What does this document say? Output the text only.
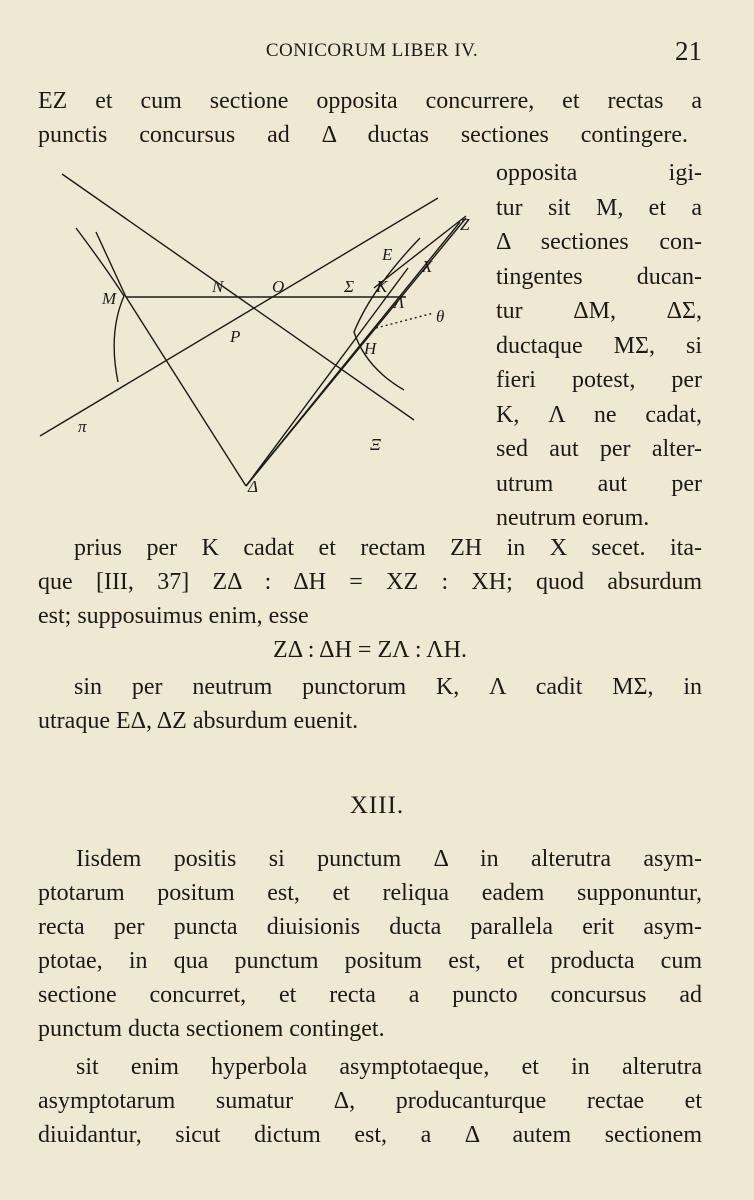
CONICORUM LIBER IV.	21
EZ et cum sectione opposita concurrere, et rectas a
punctis concursus ad Δ ductas sectiones contingere.
Z
E
X
Σ K
Λ
θ
N	O
M
P
H
Ξ
π
Δ
opposita igi-
tur sit M, et a
Δ sectiones con-
tingentes ducan-
tur ΔM, ΔΣ,
ductaque MΣ, si
fieri potest, per
K, Λ ne cadat,
sed aut per alter-
utrum aut per
neutrum eorum.
prius per K cadat et rectam ZH in X secet. ita-
que [III, 37] ZΔ : ΔH = XZ : XH; quod absurdum
est; supposuimus enim, esse
ZΔ : ΔH = ZΛ : ΛH.
sin per neutrum punctorum K, Λ cadit MΣ, in
utraque EΔ, ΔZ absurdum euenit.
XIII.
Iisdem positis si punctum Δ in alterutra asym-
ptotarum positum est, et reliqua eadem supponuntur,
recta per puncta diuisionis ducta parallela erit asym-
ptotae, in qua punctum positum est, et producta cum
sectione concurret, et recta a puncto concursus ad
punctum ducta sectionem continget.
sit enim hyperbola asymptotaeque, et in alterutra
asymptotarum sumatur Δ, producanturque rectae et
diuidantur, sicut dictum est, a Δ autem sectionem
